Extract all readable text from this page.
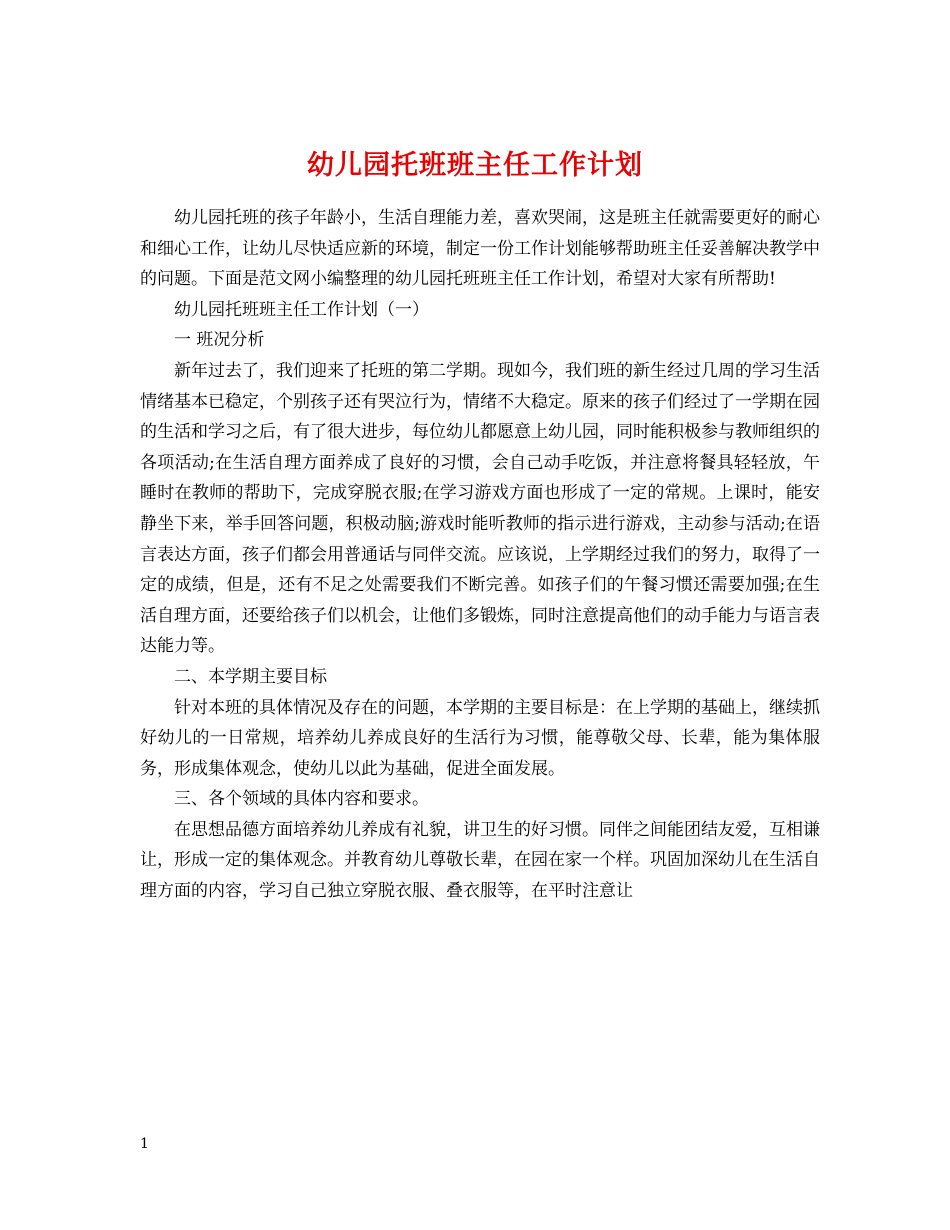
幼儿园托班班主任工作计划

幼儿园托班的孩子年龄小，生活自理能力差，喜欢哭闹，这是班主任就需要更好的耐心和细心工作，让幼儿尽快适应新的环境，制定一份工作计划能够帮助班主任妥善解决教学中的问题。下面是范文网小编整理的幼儿园托班班主任工作计划，希望对大家有所帮助!

幼儿园托班班主任工作计划（一）

一 班况分析

新年过去了，我们迎来了托班的第二学期。现如今，我们班的新生经过几周的学习生活情绪基本已稳定，个别孩子还有哭泣行为，情绪不大稳定。原来的孩子们经过了一学期在园的生活和学习之后，有了很大进步，每位幼儿都愿意上幼儿园，同时能积极参与教师组织的各项活动;在生活自理方面养成了良好的习惯，会自己动手吃饭，并注意将餐具轻轻放，午睡时在教师的帮助下，完成穿脱衣服;在学习游戏方面也形成了一定的常规。上课时，能安静坐下来，举手回答问题，积极动脑;游戏时能听教师的指示进行游戏，主动参与活动;在语言表达方面，孩子们都会用普通话与同伴交流。应该说，上学期经过我们的努力，取得了一定的成绩，但是，还有不足之处需要我们不断完善。如孩子们的午餐习惯还需要加强;在生活自理方面，还要给孩子们以机会，让他们多锻炼，同时注意提高他们的动手能力与语言表达能力等。

二、本学期主要目标

针对本班的具体情况及存在的问题，本学期的主要目标是：在上学期的基础上，继续抓好幼儿的一日常规，培养幼儿养成良好的生活行为习惯，能尊敬父母、长辈，能为集体服务，形成集体观念，使幼儿以此为基础，促进全面发展。

三、各个领域的具体内容和要求。

在思想品德方面培养幼儿养成有礼貌，讲卫生的好习惯。同伴之间能团结友爱，互相谦让，形成一定的集体观念。并教育幼儿尊敬长辈，在园在家一个样。巩固加深幼儿在生活自理方面的内容，学习自己独立穿脱衣服、叠衣服等，在平时注意让

1
